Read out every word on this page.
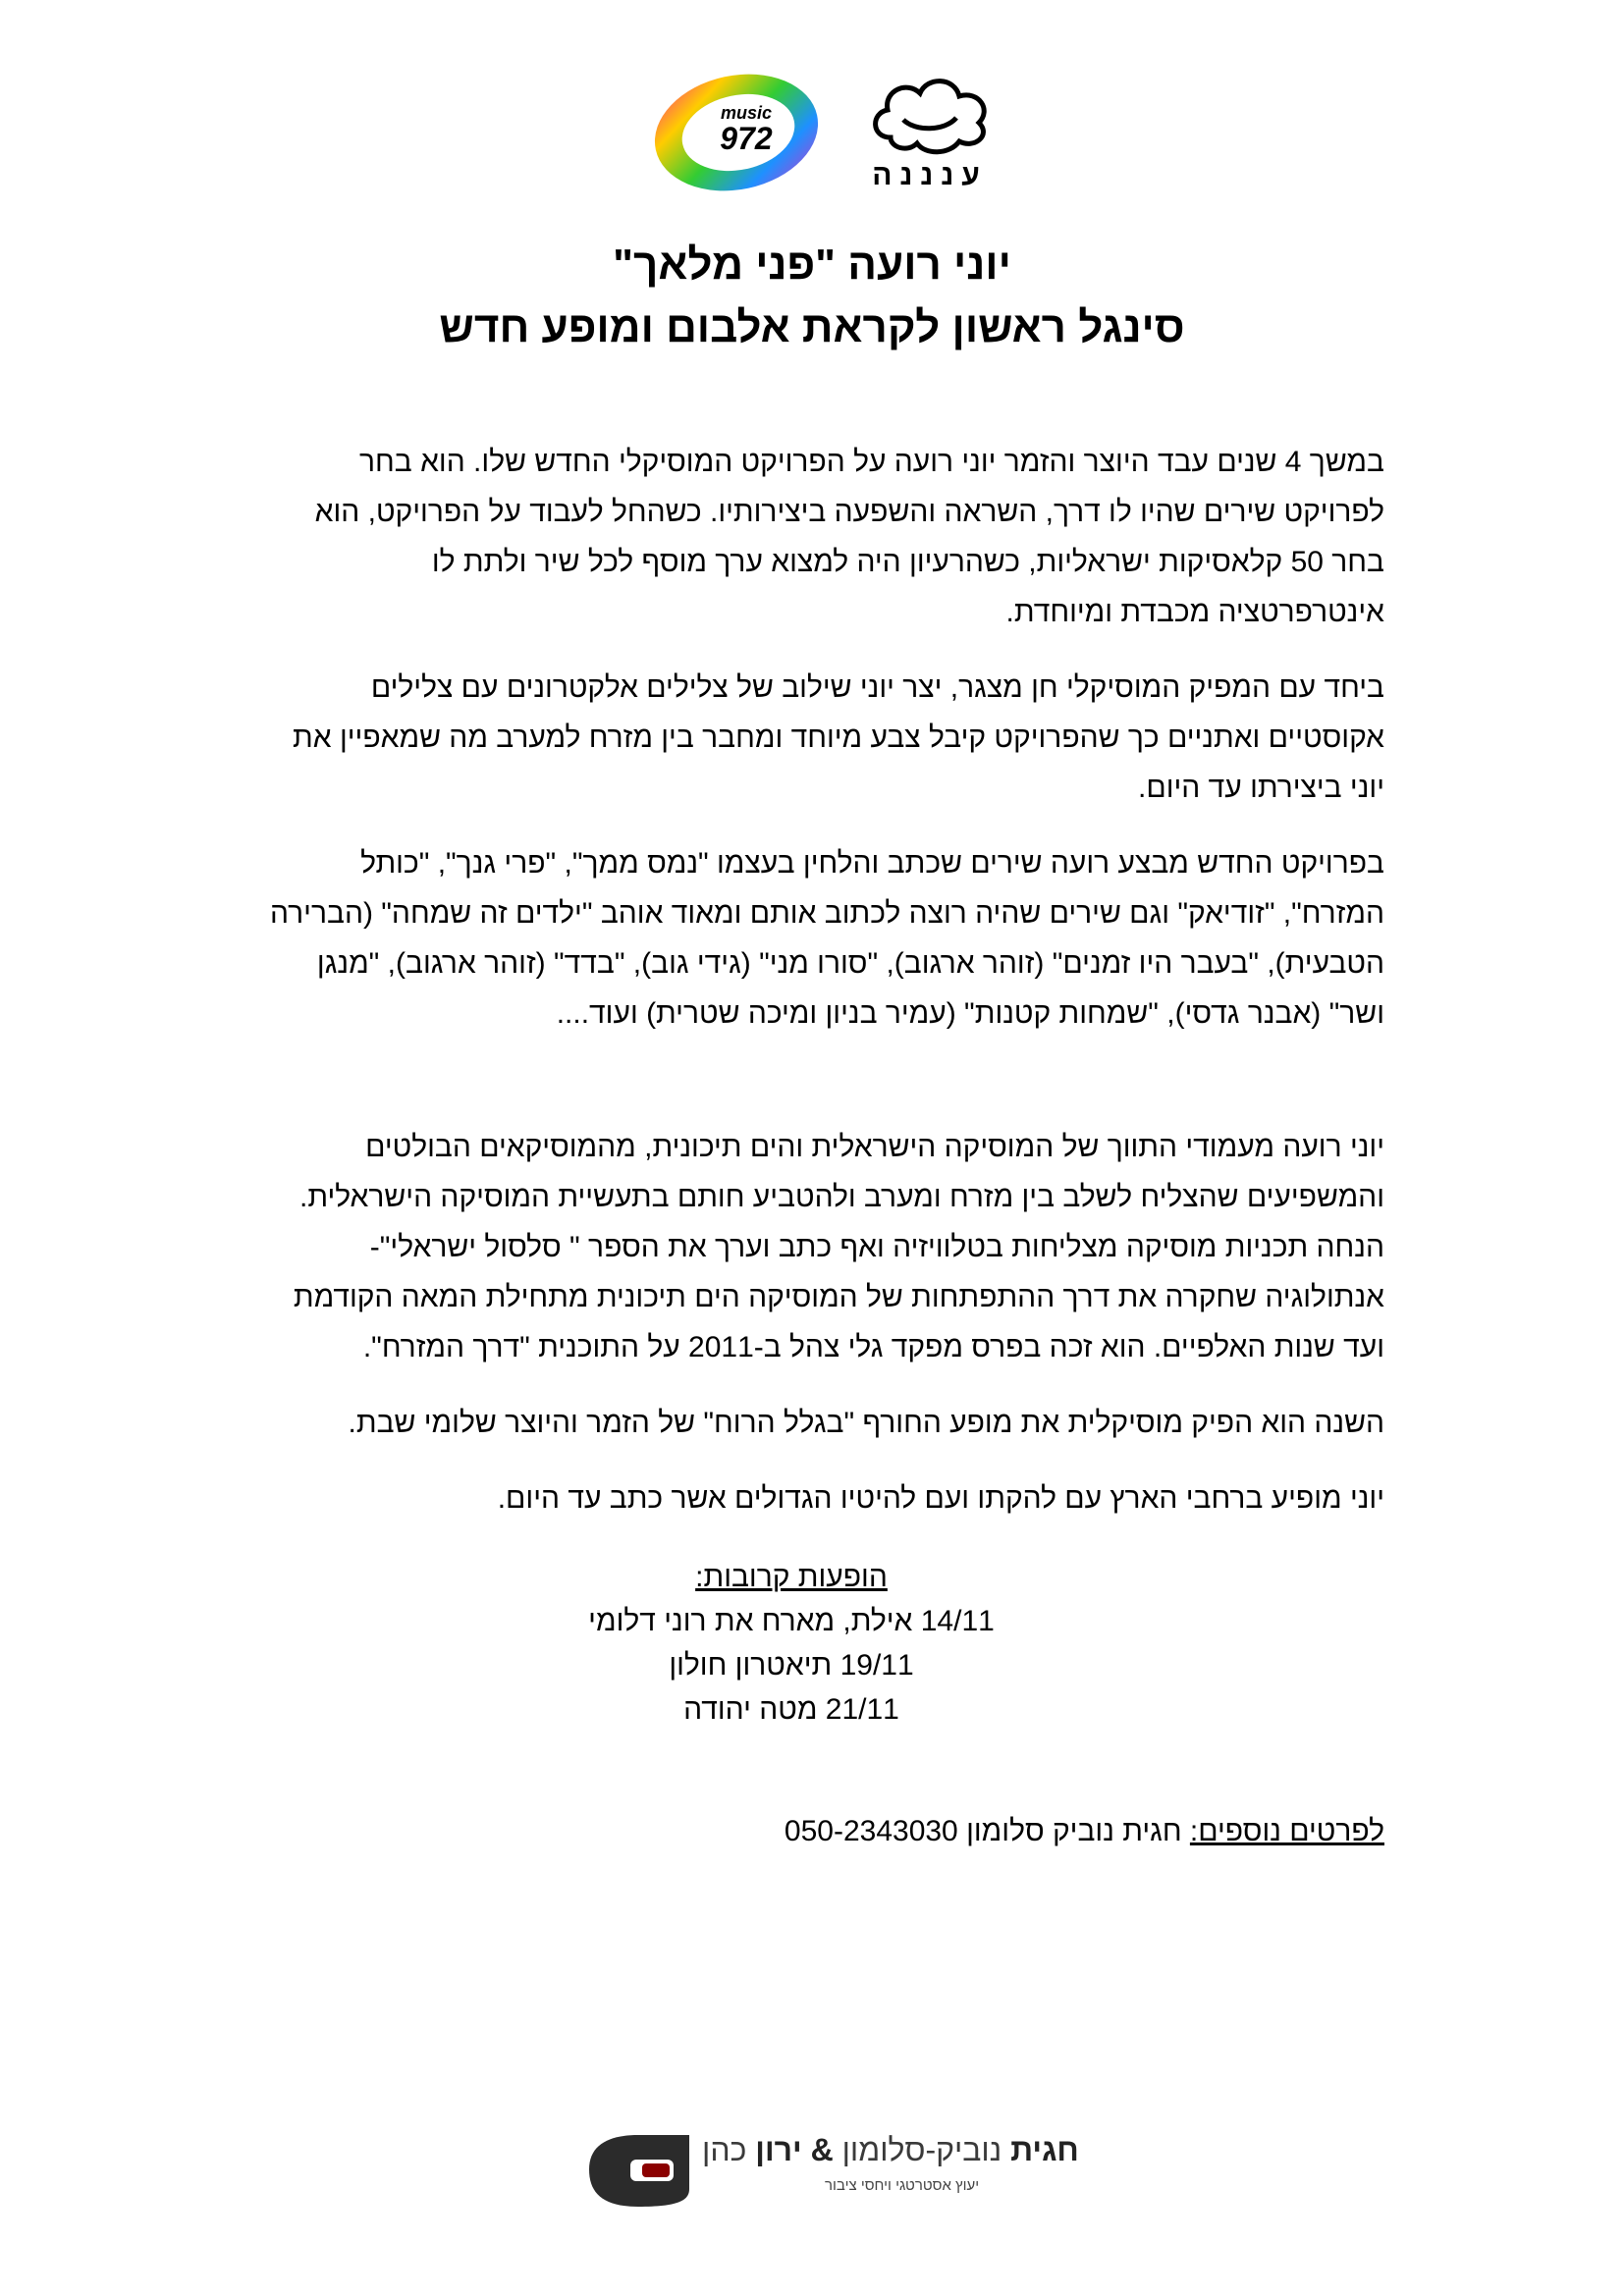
music
972
ענננה
יוני רועה "פני מלאך"
סינגל ראשון לקראת אלבום ומופע חדש

במשך 4 שנים עבד היוצר והזמר יוני רועה על הפרויקט המוסיקלי החדש שלו. הוא בחר לפרויקט שירים שהיו לו דרך, השראה והשפעה ביצירותיו. כשהחל לעבוד על הפרויקט, הוא בחר 50 קלאסיקות ישראליות, כשהרעיון היה למצוא ערך מוסף לכל שיר ולתת לו אינטרפרטציה מכבדת ומיוחדת.

ביחד עם המפיק המוסיקלי חן מצגר, יצר יוני שילוב של צלילים אלקטרונים עם צלילים אקוסטיים ואתניים כך שהפרויקט קיבל צבע מיוחד ומחבר בין מזרח למערב מה שמאפיין את יוני ביצירתו עד היום.

בפרויקט החדש מבצע רועה שירים שכתב והלחין בעצמו "נמס ממך", "פרי גנך", "כותל המזרח", "זודיאק" וגם שירים שהיה רוצה לכתוב אותם ומאוד אוהב "ילדים זה שמחה" (הברירה הטבעית), "בעבר היו זמנים" (זוהר ארגוב), "סורו מני" (גידי גוב), "בדד" (זוהר ארגוב), "מנגן ושר" (אבנר גדסי), "שמחות קטנות" (עמיר בניון ומיכה שטרית) ועוד....

יוני רועה מעמודי התווך של המוסיקה הישראלית והים תיכונית, מהמוסיקאים הבולטים והמשפיעים שהצליח לשלב בין מזרח ומערב ולהטביע חותם בתעשיית המוסיקה הישראלית. הנחה תכניות מוסיקה מצליחות בטלוויזיה ואף כתב וערך את הספר " סלסול ישראלי"- אנתולוגיה שחקרה את דרך ההתפתחות של המוסיקה הים תיכונית מתחילת המאה הקודמת ועד שנות האלפיים. הוא זכה בפרס מפקד גלי צהל ב-2011 על התוכנית "דרך המזרח".

השנה הוא הפיק מוסיקלית את מופע החורף "בגלל הרוח" של הזמר והיוצר שלומי שבת.

יוני מופיע ברחבי הארץ עם להקתו ועם להיטיו הגדולים אשר כתב עד היום.

הופעות קרובות:
14/11 אילת, מארח את רוני דלומי
19/11 תיאטרון חולון
21/11 מטה יהודה
לפרטים נוספים: חגית נוביק סלומון 050-2343030
חגית נוביק-סלומון & ירון כהן
יעוץ אסטרטגי ויחסי ציבור
